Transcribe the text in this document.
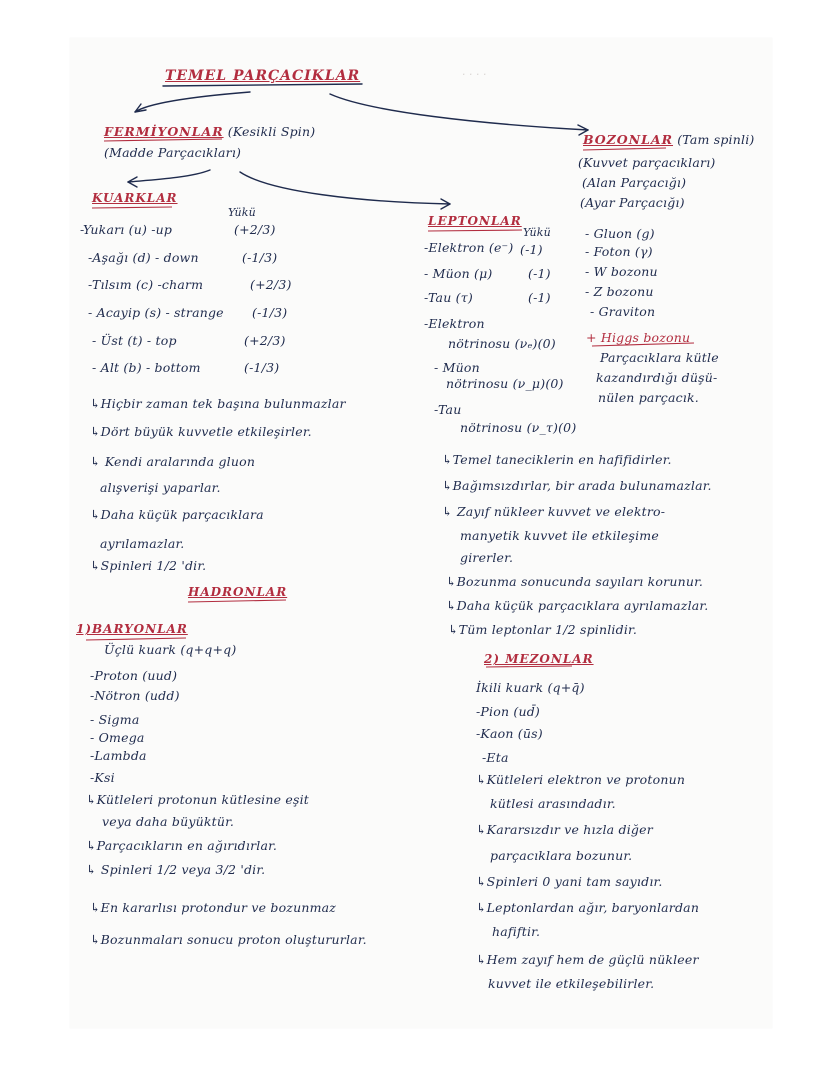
· · · ·
TEMEL PARÇACIKLAR
FERMİYONLAR (Kesikli Spin)
(Madde Parçacıkları)
BOZONLAR (Tam spinli)
(Kuvvet parçacıkları)
(Alan Parçacığı)
(Ayar Parçacığı)
KUARKLAR
Yükü
-Yukarı (u) -up	(+2/3)
-Aşağı (d) - down	(-1/3)
-Tılsım (c) -charm	(+2/3)
- Acayip (s) - strange (-1/3)
- Üst (t) - top	(+2/3)
- Alt (b) - bottom	(-1/3)
↳Hiçbir zaman tek başına bulunmazlar
↳Dört büyük kuvvetle etkileşirler.
↳ Kendi aralarında gluon
alışverişi yaparlar.
↳Daha küçük parçacıklara
ayrılamazlar.
↳Spinleri 1/2 'dir.
LEPTONLAR
Yükü
-Elektron (e⁻) (-1)
- Müon (μ)	(-1)
-Tau (τ)	(-1)
-Elektron
nötrinosu (νₑ)(0)
- Müon
nötrinosu (ν_μ)(0)
-Tau
nötrinosu (ν_τ)(0)
↳Temel taneciklerin en hafifidirler.
↳Bağımsızdırlar, bir arada bulunamazlar.
↳ Zayıf nükleer kuvvet ve elektro-
manyetik kuvvet ile etkileşime
girerler.
↳Bozunma sonucunda sayıları korunur.
↳Daha küçük parçacıklara ayrılamazlar.
↳Tüm leptonlar 1/2 spinlidir.
- Gluon (g)
- Foton (γ)
- W bozonu
- Z bozonu
- Graviton
+ Higgs bozonu
Parçacıklara kütle
kazandırdığı düşü-
nülen parçacık.
HADRONLAR
1)BARYONLAR
Üçlü kuark (q+q+q)
-Proton (uud)
-Nötron (udd)
- Sigma
- Omega
-Lambda
-Ksi
↳Kütleleri protonun kütlesine eşit
veya daha büyüktür.
↳Parçacıkların en ağırıdırlar.
↳ Spinleri 1/2 veya 3/2 'dir.
↳En kararlısı protondur ve bozunmaz
↳Bozunmaları sonucu proton oluştururlar.
2) MEZONLAR
İkili kuark (q+q̄)
-Pion (ud̄)
-Kaon (ūs)
-Eta
↳Kütleleri elektron ve protonun
kütlesi arasındadır.
↳Kararsızdır ve hızla diğer
parçacıklara bozunur.
↳Spinleri 0 yani tam sayıdır.
↳Leptonlardan ağır, baryonlardan
hafiftir.
↳Hem zayıf hem de güçlü nükleer
kuvvet ile etkileşebilirler.
